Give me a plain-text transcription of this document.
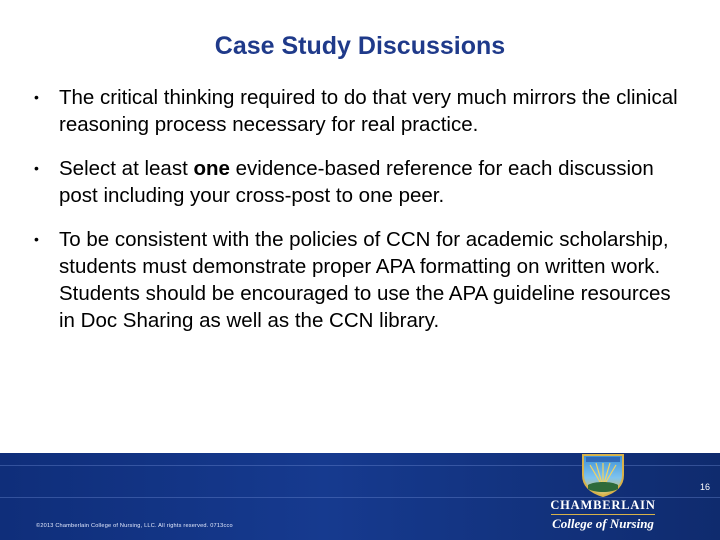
Case Study Discussions
• The critical thinking required to do that very much mirrors the clinical reasoning process necessary for real practice.
• Select at least one evidence-based reference for each discussion post including your cross-post to one peer.
• To be consistent with the policies of CCN for academic scholarship, students must demonstrate proper APA formatting on written work. Students should be encouraged to use the APA guideline resources in Doc Sharing as well as the CCN library.
©2013 Chamberlain College of Nursing, LLC. All rights reserved. 0713cco
16
CHAMBERLAIN
College of Nursing
